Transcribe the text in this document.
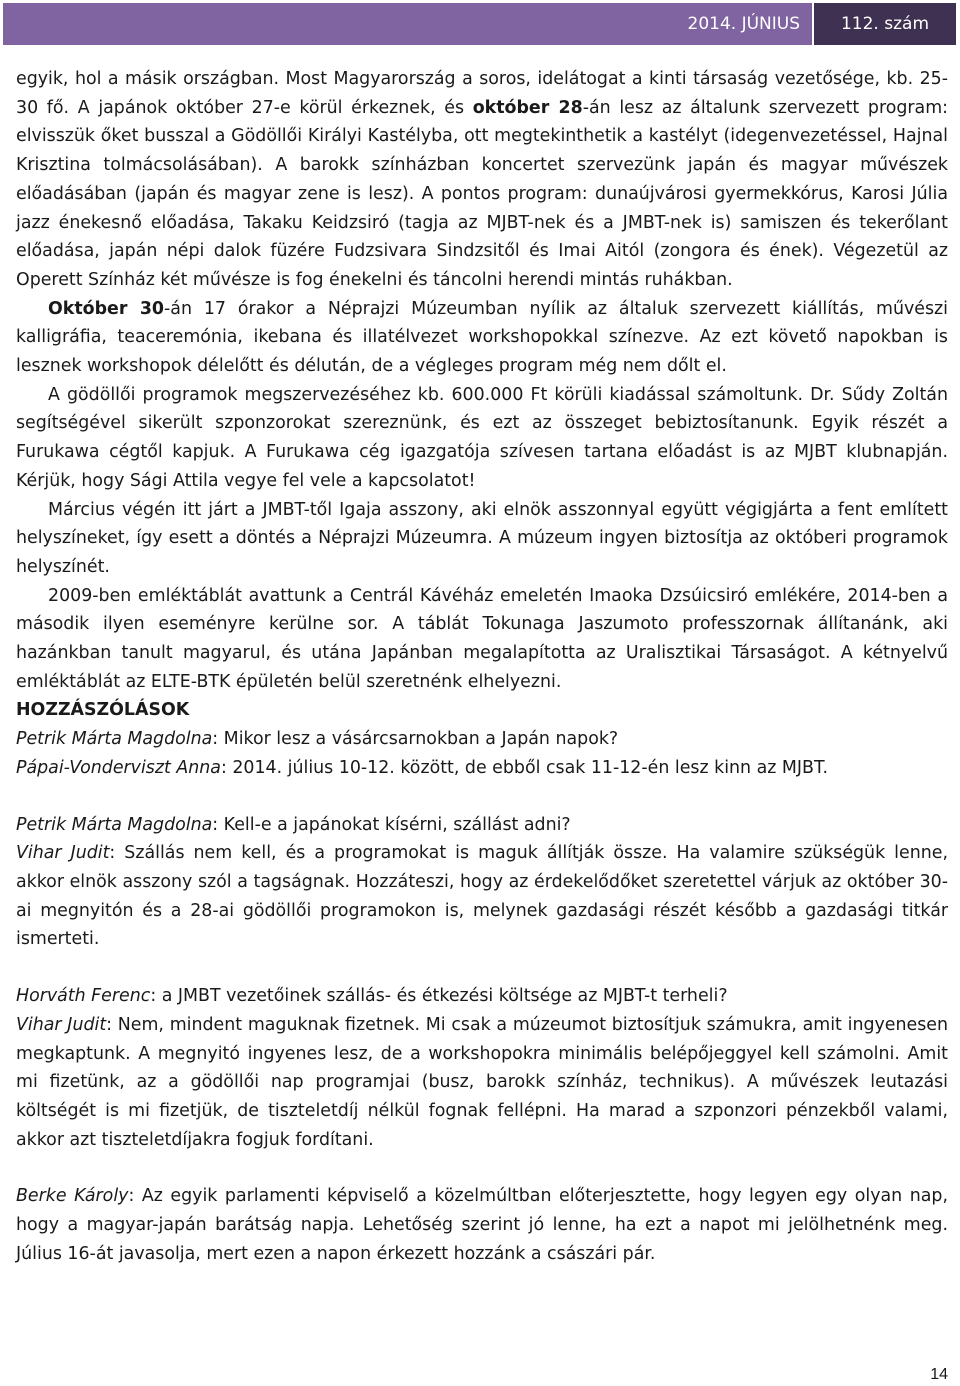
2014. JÚNIUS	112. szám

egyik, hol a másik országban. Most Magyarország a soros, idelátogat a kinti társaság vezetősége, kb. 25-30 fő. A japánok október 27-e körül érkeznek, és október 28-án lesz az általunk szervezett program: elvisszük őket busszal a Gödöllői Királyi Kastélyba, ott megtekinthetik a kastélyt (idegenvezetéssel, Hajnal Krisztina tolmácsolásában). A barokk színházban koncertet szervezünk japán és magyar művészek előadásában (japán és magyar zene is lesz). A pontos program: dunaújvárosi gyermekkórus, Karosi Júlia jazz énekesnő előadása, Takaku Keidzsiró (tagja az MJBT-nek és a JMBT-nek is) samiszen és tekerőlant előadása, japán népi dalok füzére Fudzsivara Sindzsitől és Imai Aitól (zongora és ének). Végezetül az Operett Színház két művésze is fog énekelni és táncolni herendi mintás ruhákban.

Október 30-án 17 órakor a Néprajzi Múzeumban nyílik az általuk szervezett kiállítás, művészi kalligráfia, teaceremónia, ikebana és illatélvezet workshopokkal színezve. Az ezt követő napokban is lesznek workshopok délelőtt és délután, de a végleges program még nem dőlt el.

A gödöllői programok megszervezéséhez kb. 600.000 Ft körüli kiadással számoltunk. Dr. Sűdy Zoltán segítségével sikerült szponzorokat szereznünk, és ezt az összeget bebiztosítanunk. Egyik részét a Furukawa cégtől kapjuk. A Furukawa cég igazgatója szívesen tartana előadást is az MJBT klubnapján. Kérjük, hogy Sági Attila vegye fel vele a kapcsolatot!

Március végén itt járt a JMBT-től Igaja asszony, aki elnök asszonnyal együtt végigjárta a fent említett helyszíneket, így esett a döntés a Néprajzi Múzeumra. A múzeum ingyen biztosítja az októberi programok helyszínét.

2009-ben emléktáblát avattunk a Centrál Kávéház emeletén Imaoka Dzsúicsiró emlékére, 2014-ben a második ilyen eseményre kerülne sor. A táblát Tokunaga Jaszumoto professzornak állítanánk, aki hazánkban tanult magyarul, és utána Japánban megalapította az Uralisztikai Társaságot. A kétnyelvű emléktáblát az ELTE-BTK épületén belül szeretnénk elhelyezni.

HOZZÁSZÓLÁSOK

Petrik Márta Magdolna: Mikor lesz a vásárcsarnokban a Japán napok?

Pápai-Vonderviszt Anna: 2014. július 10-12. között, de ebből csak 11-12-én lesz kinn az MJBT.

Petrik Márta Magdolna: Kell-e a japánokat kísérni, szállást adni?

Vihar Judit: Szállás nem kell, és a programokat is maguk állítják össze. Ha valamire szükségük lenne, akkor elnök asszony szól a tagságnak. Hozzáteszi, hogy az érdekelődőket szeretettel várjuk az október 30-ai megnyitón és a 28-ai gödöllői programokon is, melynek gazdasági részét később a gazdasági titkár ismerteti.

Horváth Ferenc: a JMBT vezetőinek szállás- és étkezési költsége az MJBT-t terheli?

Vihar Judit: Nem, mindent maguknak fizetnek. Mi csak a múzeumot biztosítjuk számukra, amit ingyenesen megkaptunk. A megnyitó ingyenes lesz, de a workshopokra minimális belépőjeggyel kell számolni. Amit mi fizetünk, az a gödöllői nap programjai (busz, barokk színház, technikus). A művészek leutazási költségét is mi fizetjük, de tiszteletdíj nélkül fognak fellépni. Ha marad a szponzori pénzekből valami, akkor azt tiszteletdíjakra fogjuk fordítani.

Berke Károly: Az egyik parlamenti képviselő a közelmúltban előterjesztette, hogy legyen egy olyan nap, hogy a magyar-japán barátság napja. Lehetőség szerint jó lenne, ha ezt a napot mi jelölhetnénk meg. Július 16-át javasolja, mert ezen a napon érkezett hozzánk a császári pár.

14
